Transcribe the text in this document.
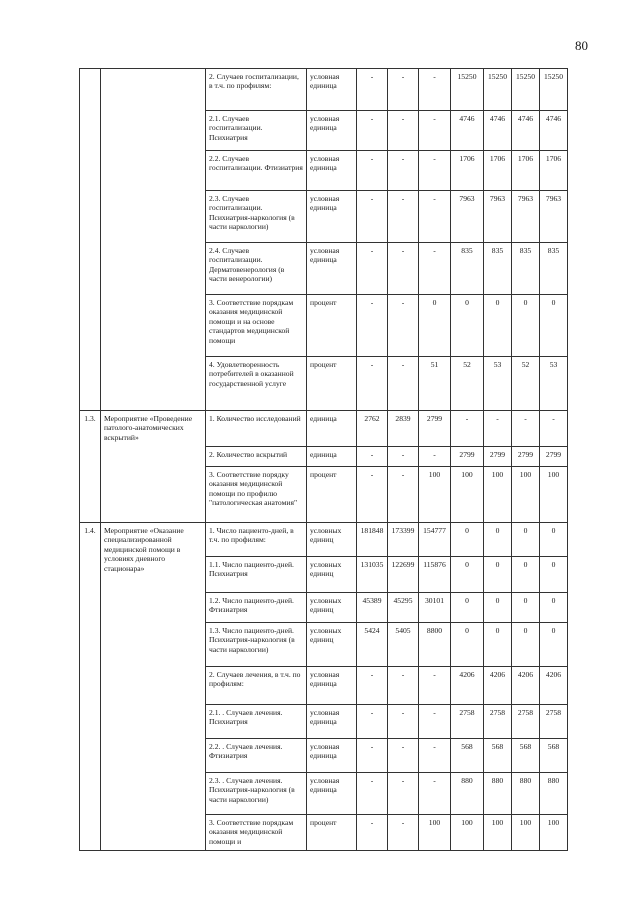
80
		2. Случаев госпитализации, в т.ч. по профилям:	условная единица	-	-	-	15250	15250	15250	15250
		2.1. Случаев госпитализации. Психиатрия	условная единица	-	-	-	4746	4746	4746	4746
		2.2. Случаев госпитализации. Фтизиатрия	условная единица	-	-	-	1706	1706	1706	1706
		2.3. Случаев госпитализации. Психиатрия-наркология (в части наркологии)	условная единица	-	-	-	7963	7963	7963	7963
		2.4. Случаев госпитализации. Дерматовенерология (в части венерологии)	условная единица	-	-	-	835	835	835	835
		3. Соответствие порядкам оказания медицинской помощи и на основе стандартов медицинской помощи	процент	-	-	0	0	0	0	0
		4. Удовлетворенность потребителей в оказанной государственной услуге	процент	-	-	51	52	53	52	53
1.3.	Мероприятие «Проведение патолого-анатомических вскрытий»	1. Количество исследований	единица	2762	2839	2799	-	-	-	-
		2. Количество вскрытий	единица	-	-	-	2799	2799	2799	2799
		3. Соответствие порядку оказания медицинской помощи по профилю "патологическая анатомия"	процент	-	-	100	100	100	100	100
1.4.	Мероприятие «Оказание специализированной медицинской помощи в условиях дневного стационара»	1. Число пациенто-дней, в т.ч. по профилям:	условных единиц	181848	173399	154777	0	0	0	0
		1.1. Число пациенто-дней. Психиатрия	условных единиц	131035	122699	115876	0	0	0	0
		1.2. Число пациенто-дней. Фтизиатрия	условных единиц	45389	45295	30101	0	0	0	0
		1.3. Число пациенто-дней. Психиатрия-наркология (в части наркологии)	условных единиц	5424	5405	8800	0	0	0	0
		2. Случаев лечения, в т.ч. по профилям:	условная единица	-	-	-	4206	4206	4206	4206
		2.1. . Случаев лечения. Психиатрия	условная единица	-	-	-	2758	2758	2758	2758
		2.2. . Случаев лечения. Фтизиатрия	условная единица	-	-	-	568	568	568	568
		2.3. . Случаев лечения. Психиатрия-наркология (в части наркологии)	условная единица	-	-	-	880	880	880	880
		3. Соответствие порядкам оказания медицинской помощи и	процент	-	-	100	100	100	100	100
